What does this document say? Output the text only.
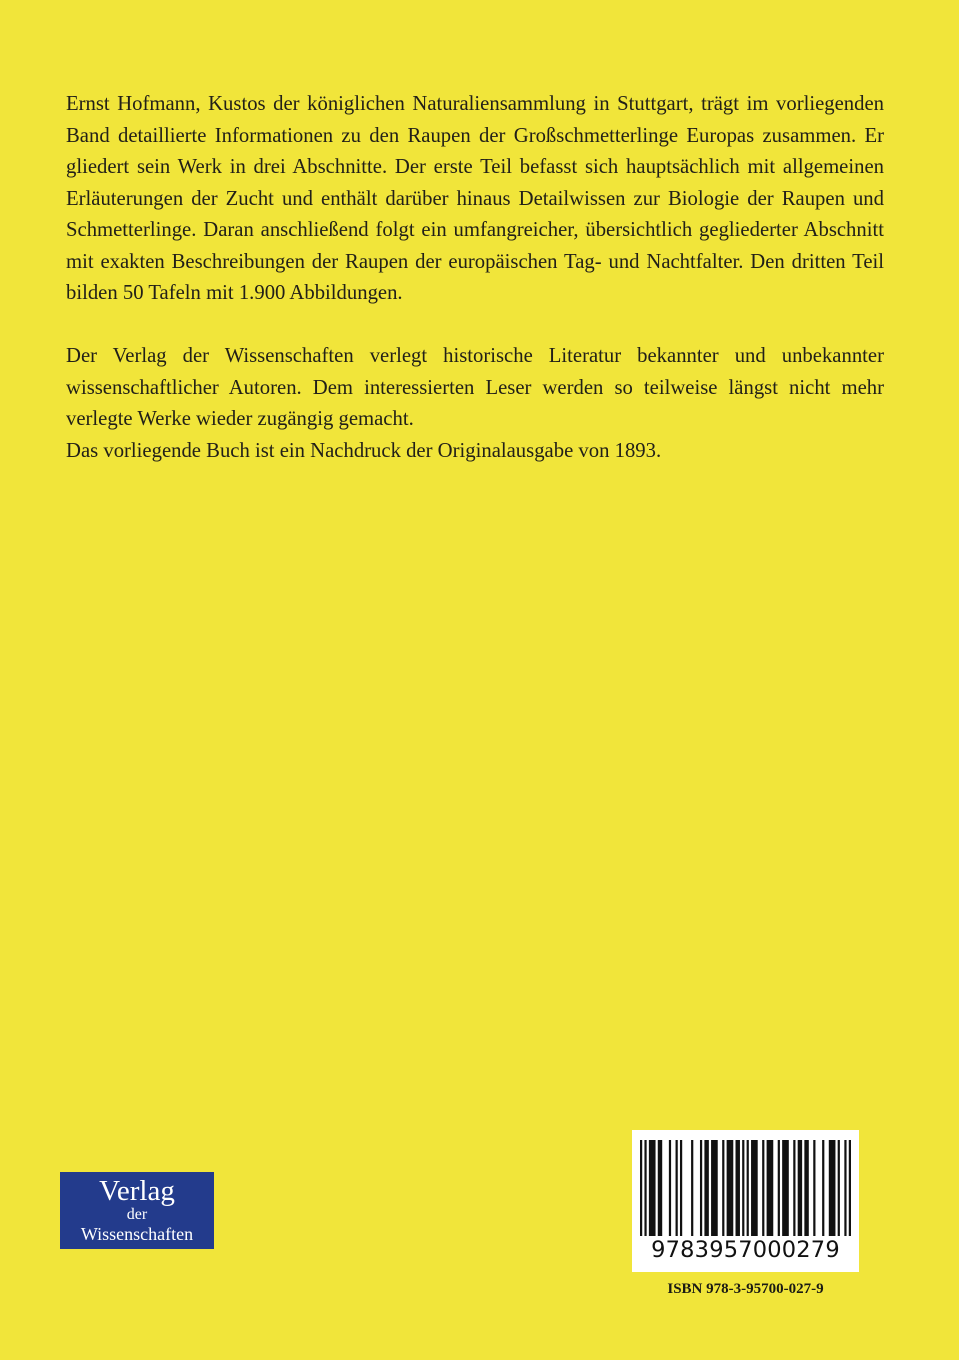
Ernst Hofmann, Kustos der königlichen Naturaliensammlung in Stuttgart, trägt im vorliegenden Band detaillierte Informationen zu den Raupen der Großschmetterlinge Europas zusammen. Er gliedert sein Werk in drei Abschnitte. Der erste Teil befasst sich hauptsächlich mit allgemeinen Erläuterungen der Zucht und enthält darüber hinaus Detailwissen zur Biologie der Raupen und Schmetterlinge. Daran anschließend folgt ein umfangreicher, übersichtlich gegliederter Abschnitt mit exakten Beschreibungen der Raupen der europäischen Tag- und Nachtfalter. Den dritten Teil bilden 50 Tafeln mit 1.900 Abbildungen.

Der Verlag der Wissenschaften verlegt historische Literatur bekannter und unbekannter wissenschaftlicher Autoren. Dem interessierten Leser werden so teilweise längst nicht mehr verlegte Werke wieder zugängig gemacht.

Das vorliegende Buch ist ein Nachdruck der Originalausgabe von 1893.

Verlag
der
Wissenschaften
9783957000279
ISBN 978-3-95700-027-9
